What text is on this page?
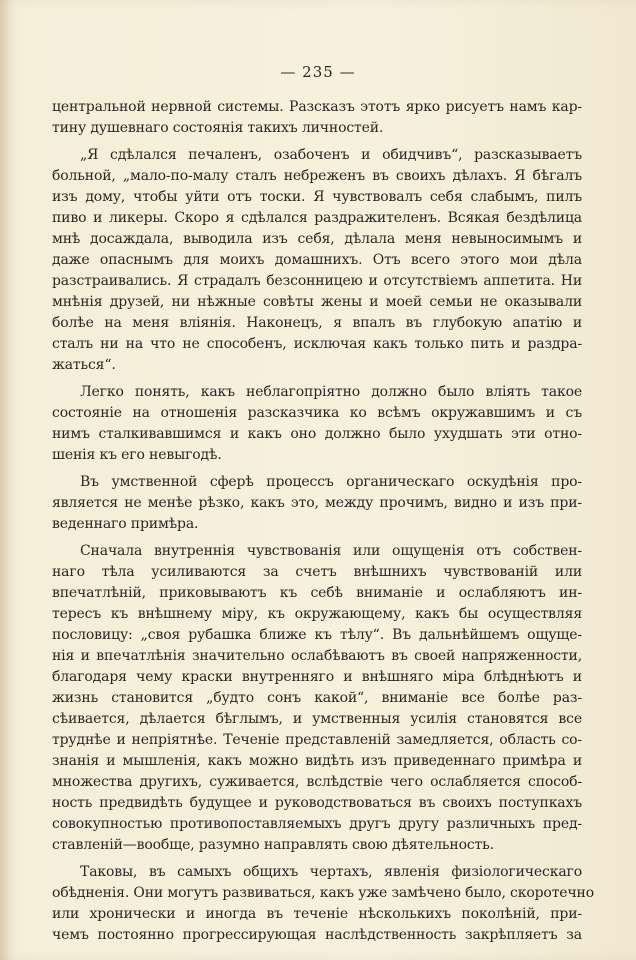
— 235 —
центральной нервной системы. Разсказъ этотъ ярко рисуетъ намъ кар-
тину душевнаго состоянія такихъ личностей.
„Я сдѣлался печаленъ, озабоченъ и обидчивъ“, разсказываетъ
больной, „мало-по-малу сталъ небреженъ въ своихъ дѣлахъ. Я бѣгалъ
изъ дому, чтобы уйти отъ тоски. Я чувствовалъ себя слабымъ, пилъ
пиво и ликеры. Скоро я сдѣлался раздражителенъ. Всякая бездѣлица
мнѣ досаждала, выводила изъ себя, дѣлала меня невыносимымъ и
даже опаснымъ для моихъ домашнихъ. Отъ всего этого мои дѣла
разстраивались. Я страдалъ безсонницею и отсутствіемъ аппетита. Ни
мнѣнія друзей, ни нѣжные совѣты жены и моей семьи не оказывали
болѣе на меня вліянія. Наконецъ, я впалъ въ глубокую апатію и
сталъ ни на что не способенъ, исключая какъ только пить и раздра-
жаться“.
Легко понять, какъ неблагопріятно должно было вліять такое
состояніе на отношенія разсказчика ко всѣмъ окружавшимъ и съ
нимъ сталкивавшимся и какъ оно должно было ухудшать эти отно-
шенія къ его невыгодѣ.
Въ умственной сферѣ процессъ органическаго оскудѣнія про-
является не менѣе рѣзко, какъ это, между прочимъ, видно и изъ при-
веденнаго примѣра.
Сначала внутреннія чувствованія или ощущенія отъ собствен-
наго тѣла усиливаются за счетъ внѣшнихъ чувствованій или
впечатлѣній, приковываютъ къ себѣ вниманіе и ослабляютъ ин-
тересъ къ внѣшнему міру, къ окружающему, какъ бы осуществляя
пословицу: „своя рубашка ближе къ тѣлу“. Въ дальнѣйшемъ ощуще-
нія и впечатлѣнія значительно ослабѣваютъ въ своей напряженности,
благодаря чему краски внутренняго и внѣшняго міра блѣднѣютъ и
жизнь становится „будто сонъ какой“, вниманіе все болѣе раз-
сѣивается, дѣлается бѣглымъ, и умственныя усилія становятся все
труднѣе и непріятнѣе. Теченіе представленій замедляется, область со-
знанія и мышленія, какъ можно видѣть изъ приведеннаго примѣра и
множества другихъ, суживается, вслѣдствіе чего ослабляется способ-
ность предвидѣть будущее и руководствоваться въ своихъ поступкахъ
совокупностью противопоставляемыхъ другъ другу различныхъ пред-
ставленій—вообще, разумно направлять свою дѣятельность.
Таковы, въ самыхъ общихъ чертахъ, явленія физіологическаго
обѣдненія. Они могутъ развиваться, какъ уже замѣчено было, скоротечно
или хронически и иногда въ теченіе нѣсколькихъ поколѣній, при-
чемъ постоянно прогрессирующая наслѣдственность закрѣпляетъ за
